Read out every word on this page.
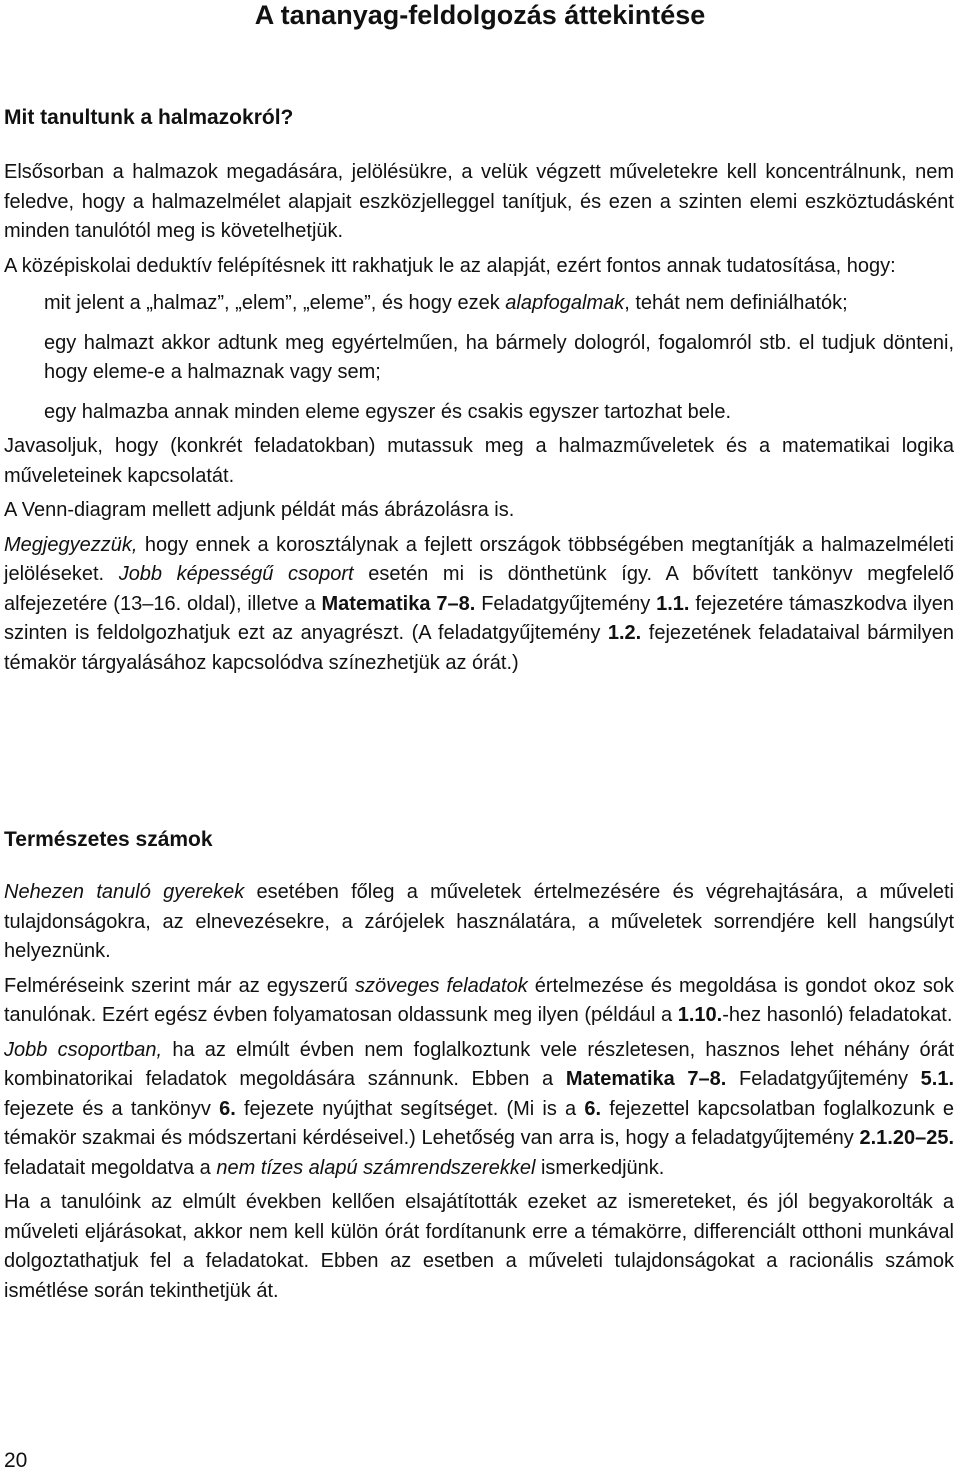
A tananyag-feldolgozás áttekintése
Mit tanultunk a halmazokról?

Elsősorban a halmazok megadására, jelölésükre, a velük végzett műveletekre kell koncentrálnunk, nem feledve, hogy a halmazelmélet alapjait eszközjelleggel tanítjuk, és ezen a szinten elemi eszköztudásként minden tanulótól meg is követelhetjük.

A középiskolai deduktív felépítésnek itt rakhatjuk le az alapját, ezért fontos annak tudatosítása, hogy:

mit jelent a „halmaz”, „elem”, „eleme”, és hogy ezek alapfogalmak, tehát nem definiálhatók;

egy halmazt akkor adtunk meg egyértelműen, ha bármely dologról, fogalomról stb. el tudjuk dönteni, hogy eleme-e a halmaznak vagy sem;

egy halmazba annak minden eleme egyszer és csakis egyszer tartozhat bele.

Javasoljuk, hogy (konkrét feladatokban) mutassuk meg a halmazműveletek és a matematikai logika műveleteinek kapcsolatát.

A Venn-diagram mellett adjunk példát más ábrázolásra is.

Megjegyezzük, hogy ennek a korosztálynak a fejlett országok többségében megtanítják a halmazelméleti jelöléseket. Jobb képességű csoport esetén mi is dönthetünk így. A bővített tankönyv megfelelő alfejezetére (13–16. oldal), illetve a Matematika 7–8. Feladatgyűjtemény 1.1. fejezetére támaszkodva ilyen szinten is feldolgozhatjuk ezt az anyagrészt. (A feladatgyűjtemény 1.2. fejezetének feladataival bármilyen témakör tárgyalásához kapcsolódva színezhetjük az órát.)

Természetes számok

Nehezen tanuló gyerekek esetében főleg a műveletek értelmezésére és végrehajtására, a műveleti tulajdonságokra, az elnevezésekre, a zárójelek használatára, a műveletek sorrendjére kell hangsúlyt helyeznünk.

Felméréseink szerint már az egyszerű szöveges feladatok értelmezése és megoldása is gondot okoz sok tanulónak. Ezért egész évben folyamatosan oldassunk meg ilyen (például a 1.10.-hez hasonló) feladatokat.

Jobb csoportban, ha az elmúlt évben nem foglalkoztunk vele részletesen, hasznos lehet néhány órát kombinatorikai feladatok megoldására szánnunk. Ebben a Matematika 7–8. Feladatgyűjtemény 5.1. fejezete és a tankönyv 6. fejezete nyújthat segítséget. (Mi is a 6. fejezettel kapcsolatban foglalkozunk e témakör szakmai és módszertani kérdéseivel.) Lehetőség van arra is, hogy a feladatgyűjtemény 2.1.20–25. feladatait megoldatva a nem tízes alapú számrendszerekkel ismerkedjünk.

Ha a tanulóink az elmúlt években kellően elsajátították ezeket az ismereteket, és jól begyakorolták a műveleti eljárásokat, akkor nem kell külön órát fordítanunk erre a témakörre, differenciált otthoni munkával dolgoztathatjuk fel a feladatokat. Ebben az esetben a műveleti tulajdonságokat a racionális számok ismétlése során tekinthetjük át.

20
